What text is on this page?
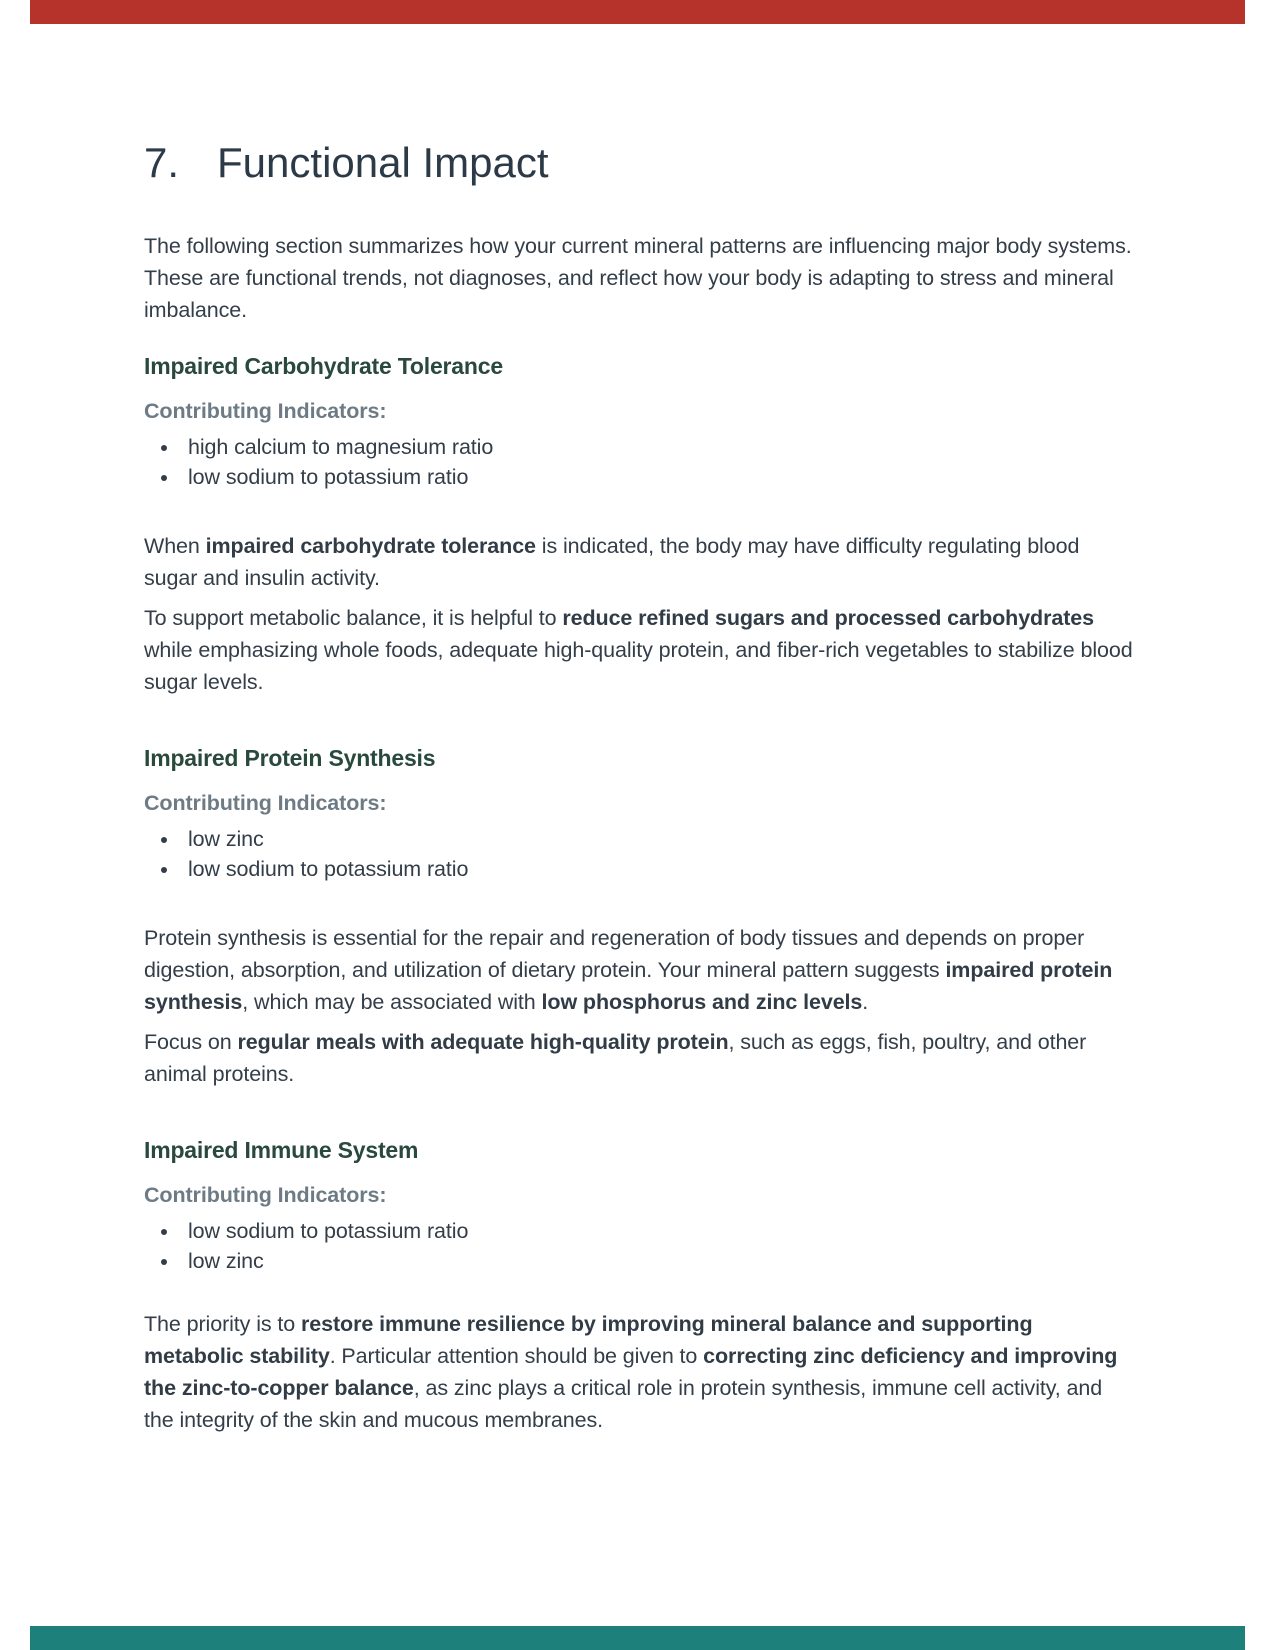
7. Functional Impact

The following section summarizes how your current mineral patterns are influencing major body systems. These are functional trends, not diagnoses, and reflect how your body is adapting to stress and mineral imbalance.

Impaired Carbohydrate Tolerance
Contributing Indicators:
• high calcium to magnesium ratio
• low sodium to potassium ratio

When impaired carbohydrate tolerance is indicated, the body may have difficulty regulating blood sugar and insulin activity.

To support metabolic balance, it is helpful to reduce refined sugars and processed carbohydrates while emphasizing whole foods, adequate high-quality protein, and fiber-rich vegetables to stabilize blood sugar levels.

Impaired Protein Synthesis
Contributing Indicators:
• low zinc
• low sodium to potassium ratio

Protein synthesis is essential for the repair and regeneration of body tissues and depends on proper digestion, absorption, and utilization of dietary protein. Your mineral pattern suggests impaired protein synthesis, which may be associated with low phosphorus and zinc levels.

Focus on regular meals with adequate high-quality protein, such as eggs, fish, poultry, and other animal proteins.

Impaired Immune System
Contributing Indicators:
• low sodium to potassium ratio
• low zinc

The priority is to restore immune resilience by improving mineral balance and supporting metabolic stability. Particular attention should be given to correcting zinc deficiency and improving the zinc-to-copper balance, as zinc plays a critical role in protein synthesis, immune cell activity, and the integrity of the skin and mucous membranes.
